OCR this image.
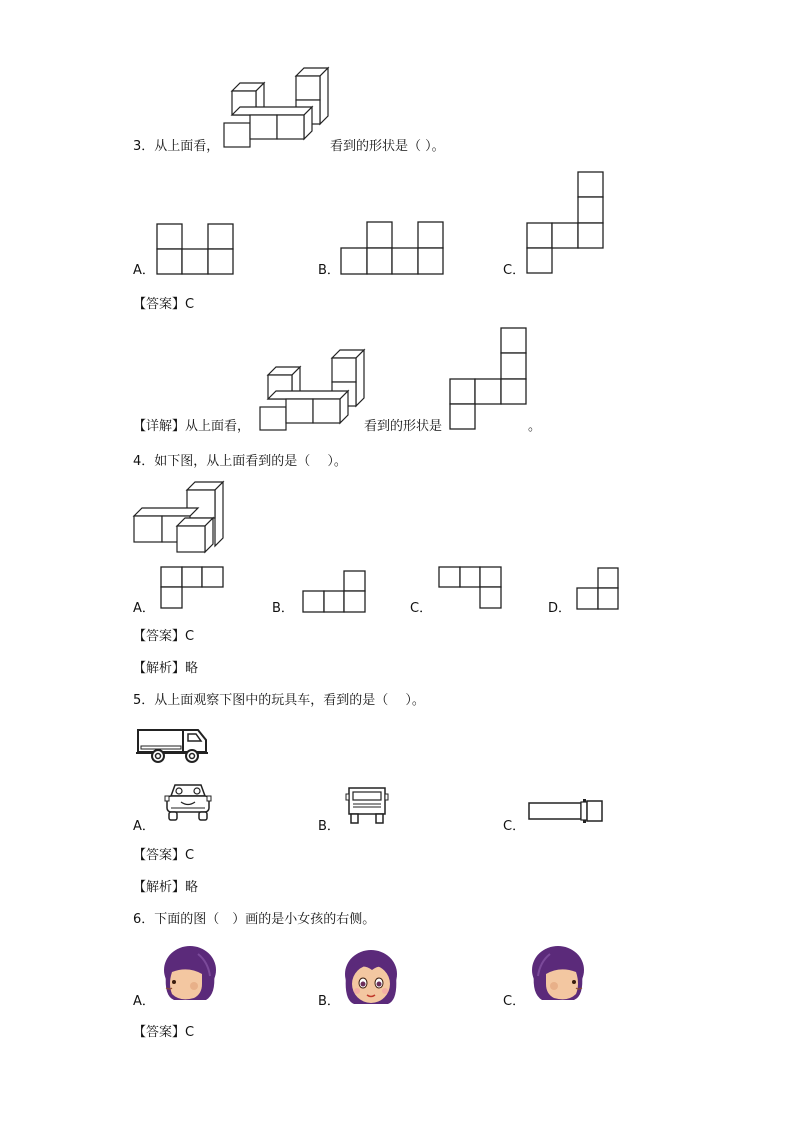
3．从上面看，	看到的形状是（ ）。
A．	B．	C．
【答案】C
【详解】从上面看，	看到的形状是	。
4．如下图，从上面看到的是（　 ）。
A．	B．	C．	D．
【答案】C
【解析】略
5．从上面观察下图中的玩具车，看到的是（　 ）。
A．	B．	C．
【答案】C
【解析】略
6．下面的图（　）画的是小女孩的右侧。
A．	B．	C．
【答案】C
